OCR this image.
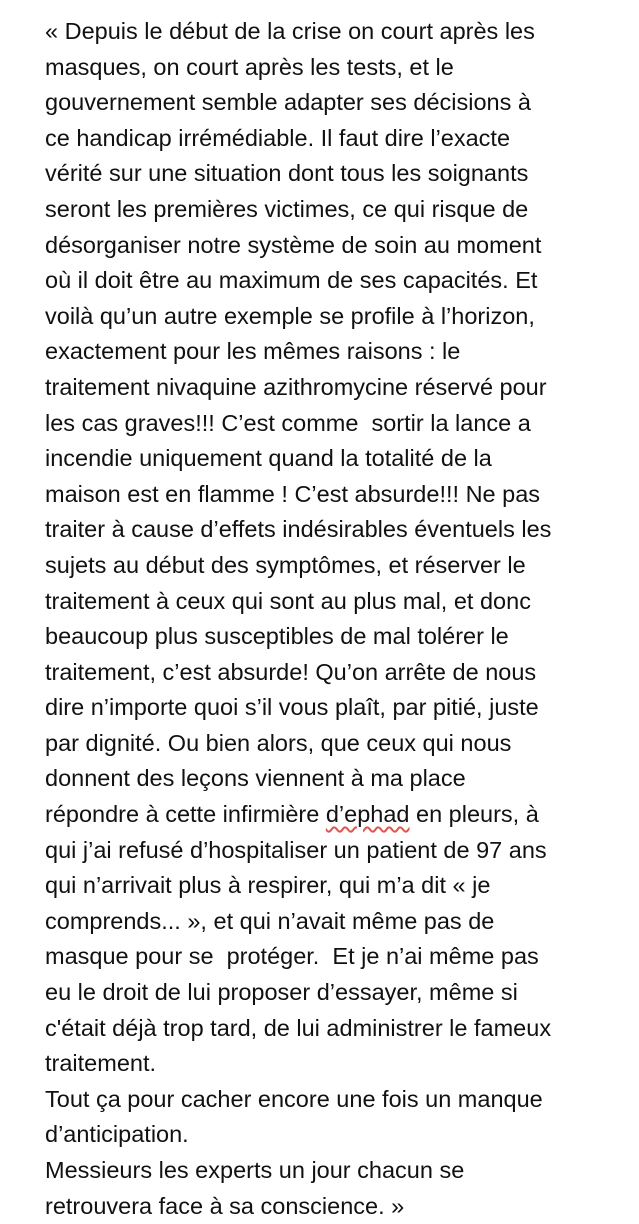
« Depuis le début de la crise on court après les
masques, on court après les tests, et le
gouvernement semble adapter ses décisions à
ce handicap irrémédiable. Il faut dire l’exacte
vérité sur une situation dont tous les soignants
seront les premières victimes, ce qui risque de
désorganiser notre système de soin au moment
où il doit être au maximum de ses capacités. Et
voilà qu’un autre exemple se profile à l’horizon,
exactement pour les mêmes raisons : le
traitement nivaquine azithromycine réservé pour
les cas graves!!! C’est comme  sortir la lance a
incendie uniquement quand la totalité de la
maison est en flamme ! C’est absurde!!! Ne pas
traiter à cause d’effets indésirables éventuels les
sujets au début des symptômes, et réserver le
traitement à ceux qui sont au plus mal, et donc
beaucoup plus susceptibles de mal tolérer le
traitement, c’est absurde! Qu’on arrête de nous
dire n’importe quoi s’il vous plaît, par pitié, juste
par dignité. Ou bien alors, que ceux qui nous
donnent des leçons viennent à ma place
répondre à cette infirmière d’ephad en pleurs, à
qui j’ai refusé d’hospitaliser un patient de 97 ans
qui n’arrivait plus à respirer, qui m’a dit « je
comprends... », et qui n’avait même pas de
masque pour se  protéger.  Et je n’ai même pas
eu le droit de lui proposer d’essayer, même si
c'était déjà trop tard, de lui administrer le fameux
traitement.
Tout ça pour cacher encore une fois un manque
d’anticipation.
Messieurs les experts un jour chacun se
retrouvera face à sa conscience. »
